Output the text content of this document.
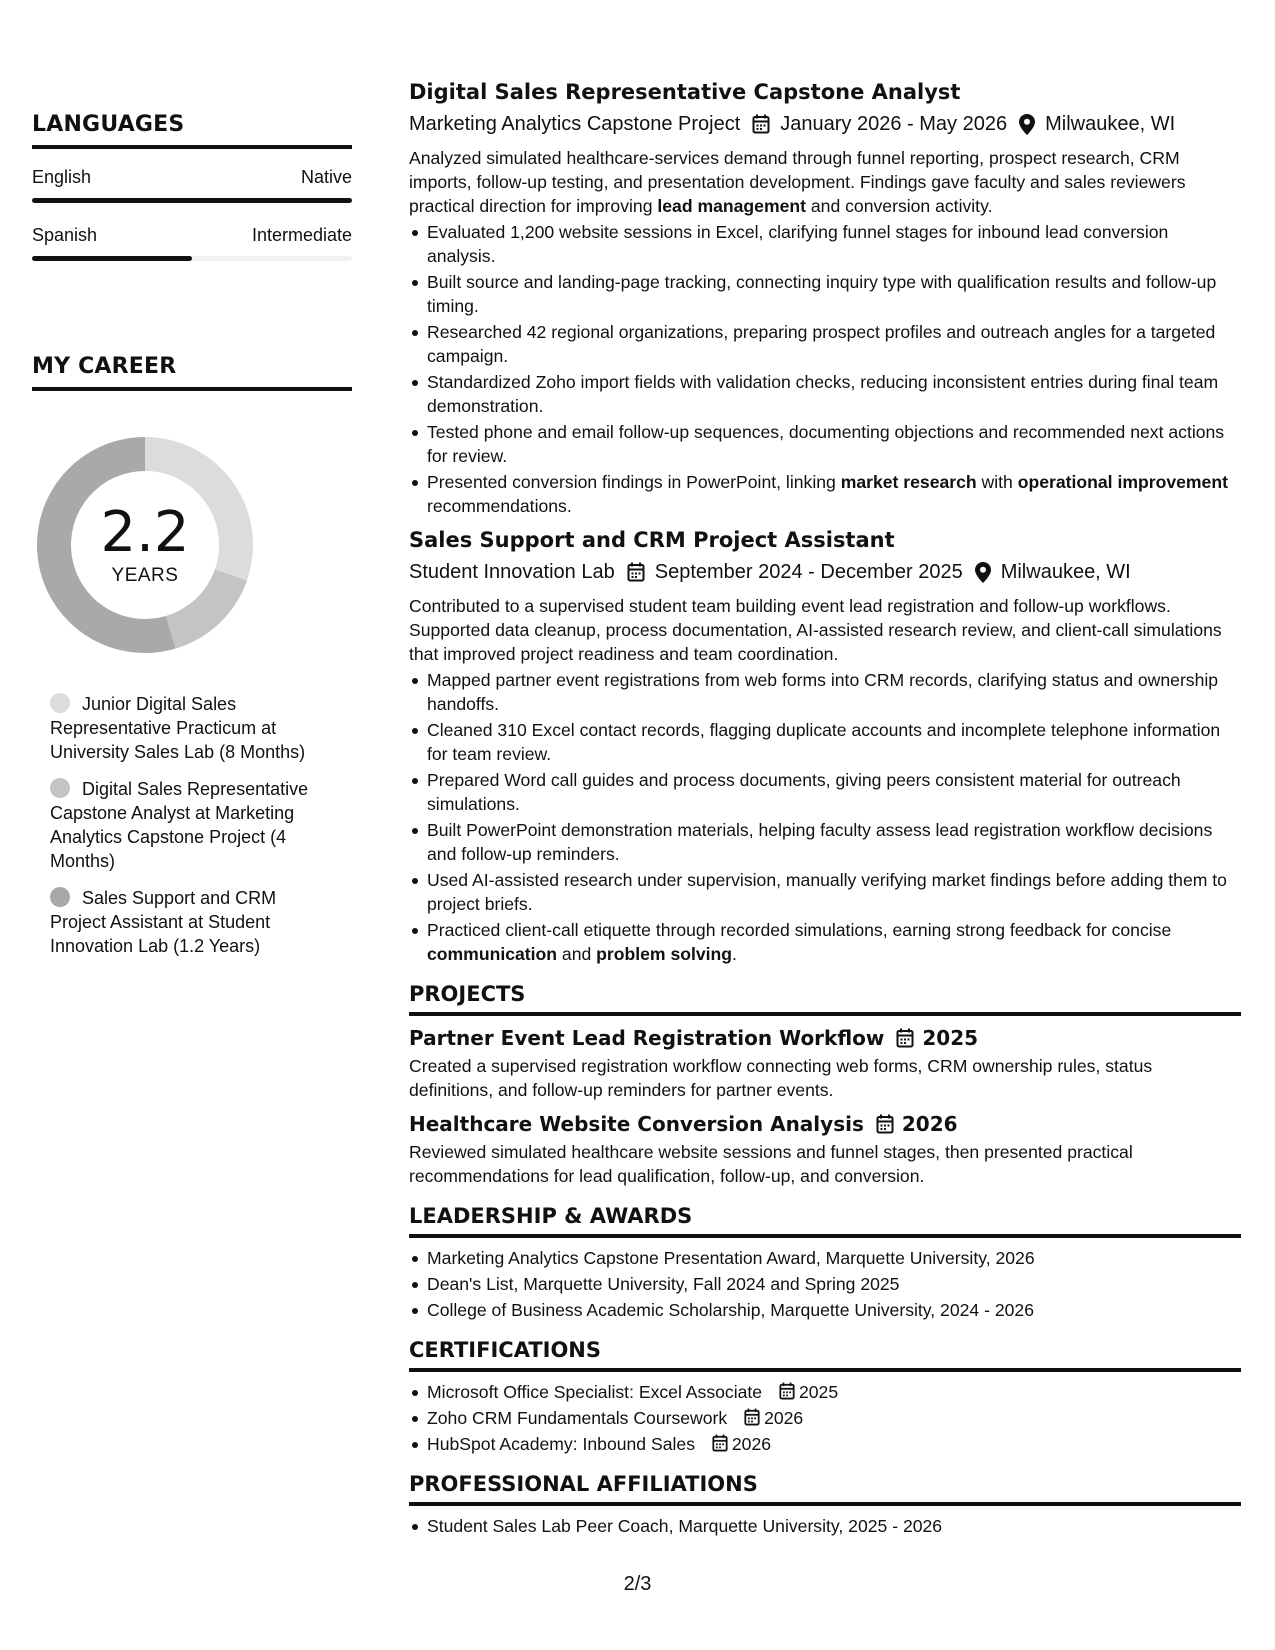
LANGUAGES
English	Native
Spanish	Intermediate
MY CAREER
2.2
YEARS
Junior Digital Sales Representative Practicum at University Sales Lab (8 Months)
Digital Sales Representative Capstone Analyst at Marketing Analytics Capstone Project (4 Months)
Sales Support and CRM Project Assistant at Student Innovation Lab (1.2 Years)
Digital Sales Representative Capstone Analyst
Marketing Analytics Capstone Project January 2026 - May 2026 Milwaukee, WI

Analyzed simulated healthcare-services demand through funnel reporting, prospect research, CRM imports, follow-up testing, and presentation development. Findings gave faculty and sales reviewers practical direction for improving lead management and conversion activity.

Evaluated 1,200 website sessions in Excel, clarifying funnel stages for inbound lead conversion analysis.
Built source and landing-page tracking, connecting inquiry type with qualification results and follow-up timing.
Researched 42 regional organizations, preparing prospect profiles and outreach angles for a targeted campaign.
Standardized Zoho import fields with validation checks, reducing inconsistent entries during final team demonstration.
Tested phone and email follow-up sequences, documenting objections and recommended next actions for review.
Presented conversion findings in PowerPoint, linking market research with operational improvement recommendations.
Sales Support and CRM Project Assistant
Student Innovation Lab September 2024 - December 2025 Milwaukee, WI

Contributed to a supervised student team building event lead registration and follow-up workflows. Supported data cleanup, process documentation, AI-assisted research review, and client-call simulations that improved project readiness and team coordination.

Mapped partner event registrations from web forms into CRM records, clarifying status and ownership handoffs.
Cleaned 310 Excel contact records, flagging duplicate accounts and incomplete telephone information for team review.
Prepared Word call guides and process documents, giving peers consistent material for outreach simulations.
Built PowerPoint demonstration materials, helping faculty assess lead registration workflow decisions and follow-up reminders.
Used AI-assisted research under supervision, manually verifying market findings before adding them to project briefs.
Practiced client-call etiquette through recorded simulations, earning strong feedback for concise communication and problem solving.
PROJECTS
Partner Event Lead Registration Workflow 2025

Created a supervised registration workflow connecting web forms, CRM ownership rules, status definitions, and follow-up reminders for partner events.

Healthcare Website Conversion Analysis 2026

Reviewed simulated healthcare website sessions and funnel stages, then presented practical recommendations for lead qualification, follow-up, and conversion.

LEADERSHIP & AWARDS
Marketing Analytics Capstone Presentation Award, Marquette University, 2026
Dean's List, Marquette University, Fall 2024 and Spring 2025
College of Business Academic Scholarship, Marquette University, 2024 - 2026
CERTIFICATIONS
Microsoft Office Specialist: Excel Associate 2025
Zoho CRM Fundamentals Coursework 2026
HubSpot Academy: Inbound Sales 2026
PROFESSIONAL AFFILIATIONS
Student Sales Lab Peer Coach, Marquette University, 2025 - 2026
2/3
